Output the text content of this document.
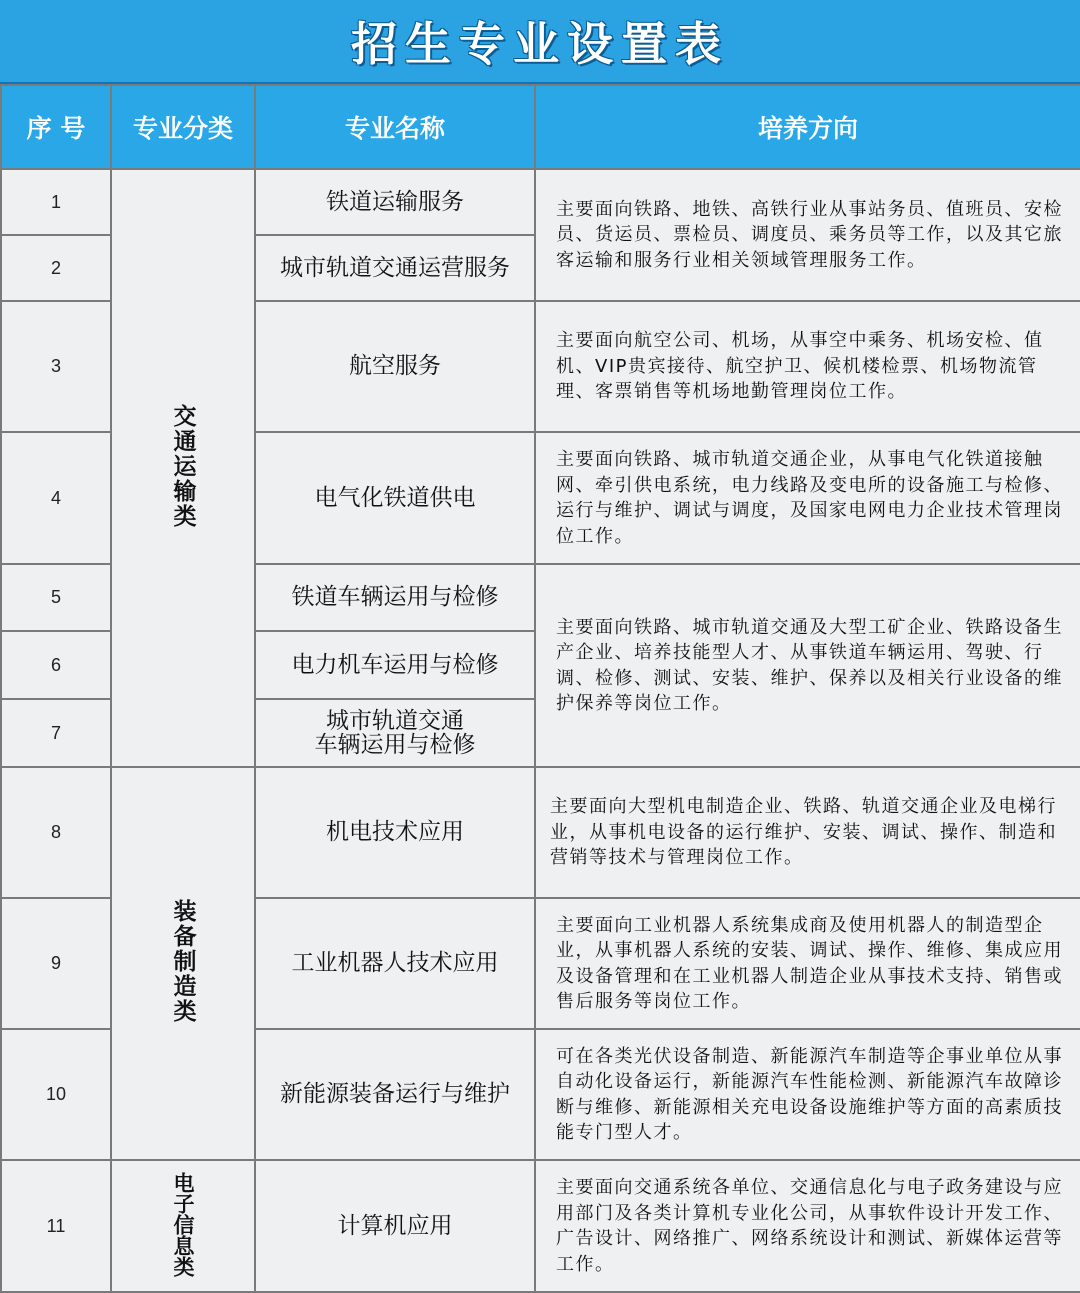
招生专业设置表
序 号	专业分类	专业名称	培养方向
1	交通运输类	铁道运输服务	主要面向铁路、地铁、高铁行业从事站务员、值班员、安检员、货运员、票检员、调度员、乘务员等工作，以及其它旅客运输和服务行业相关领域管理服务工作。

2		城市轨道交通运营服务	
3		航空服务	主要面向航空公司、机场，从事空中乘务、机场安检、值机、VIP贵宾接待、航空护卫、候机楼检票、机场物流管理、客票销售等机场地勤管理岗位工作。

4		电气化铁道供电	主要面向铁路、城市轨道交通企业，从事电气化铁道接触网、牵引供电系统，电力线路及变电所的设备施工与检修、运行与维护、调试与调度，及国家电网电力企业技术管理岗位工作。

5		铁道车辆运用与检修	主要面向铁路、城市轨道交通及大型工矿企业、铁路设备生产企业、培养技能型人才、从事铁道车辆运用、驾驶、行调、检修、测试、安装、维护、保养以及相关行业设备的维护保养等岗位工作。

6		电力机车运用与检修	
7		城市轨道交通
车辆运用与检修	

8	装备制造类	机电技术应用	主要面向大型机电制造企业、铁路、轨道交通企业及电梯行业，从事机电设备的运行维护、安装、调试、操作、制造和营销等技术与管理岗位工作。

9		工业机器人技术应用	主要面向工业机器人系统集成商及使用机器人的制造型企业，从事机器人系统的安装、调试、操作、维修、集成应用及设备管理和在工业机器人制造企业从事技术支持、销售或售后服务等岗位工作。

10		新能源装备运行与维护	可在各类光伏设备制造、新能源汽车制造等企事业单位从事自动化设备运行，新能源汽车性能检测、新能源汽车故障诊断与维修、新能源相关充电设备设施维护等方面的高素质技能专门型人才。

11	电子信息类	计算机应用	主要面向交通系统各单位、交通信息化与电子政务建设与应用部门及各类计算机专业化公司，从事软件设计开发工作、广告设计、网络推广、网络系统设计和测试、新媒体运营等工作。
